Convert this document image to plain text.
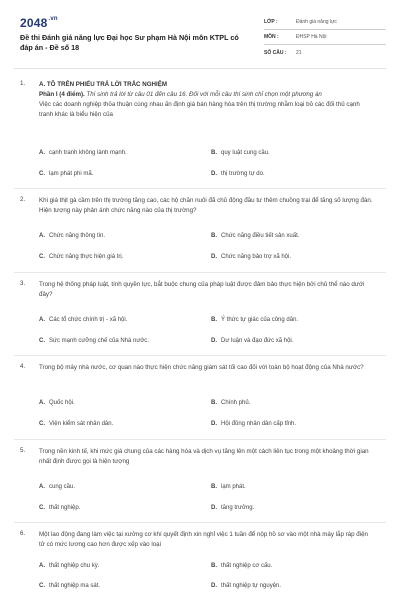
$2048^{.vn}$
Đề thi Đánh giá năng lực Đại học Sư phạm Hà Nội môn KTPL có đáp án - Đề số 18
LỚP :	Đánh giá năng lực
MÔN :	ĐHSP Hà Nội
SỐ CÂU :	21
1. A. TÔ TRÊN PHIẾU TRẢ LỜI TRẮC NGHIỆM
Phần I (4 điểm). Thí sinh trả lời từ câu 01 đến câu 16. Đối với mỗi câu thí sinh chỉ chọn một phương án
Việc các doanh nghiệp thỏa thuận cùng nhau ấn định giá bán hàng hóa trên thị trường nhằm loại bỏ các đối thủ cạnh tranh khác là biểu hiện của
A. cạnh tranh không lành mạnh.	B. quy luật cung cầu.
C. lạm phát phi mã.	D. thị trường tự do.
2. Khi giá thịt gà cầm trên thị trường tăng cao, các hộ chăn nuôi đã chủ động đầu tư thêm chuồng trại để tăng số lượng đàn. Hiện tượng này phản ánh chức năng nào của thị trường?
A. Chức năng thông tin.	B. Chức năng điều tiết sản xuất.
C. Chức năng thực hiện giá trị.	D. Chức năng bảo trợ xã hội.
3. Trong hệ thống pháp luật, tính quyền lực, bắt buộc chung của pháp luật được đảm bảo thực hiện bởi chủ thể nào dưới đây?
A. Các tổ chức chính trị - xã hội.	B. Ý thức tự giác của công dân.
C. Sức mạnh cưỡng chế của Nhà nước.	D. Dư luận và đạo đức xã hội.
4. Trong bộ máy nhà nước, cơ quan nào thực hiện chức năng giám sát tối cao đối với toàn bộ hoạt động của Nhà nước?
A. Quốc hội.	B. Chính phủ.
C. Viện kiểm sát nhân dân.	D. Hội đồng nhân dân cấp tỉnh.
5. Trong nền kinh tế, khi mức giá chung của các hàng hóa và dịch vụ tăng lên một cách liên tục trong một khoảng thời gian nhất định được gọi là hiện tượng
A. cung cầu.	B. lạm phát.
C. thất nghiệp.	D. tăng trưởng.
6. Một lao động đang làm việc tại xưởng cơ khí quyết định xin nghỉ việc 1 tuần để nộp hồ sơ vào một nhà máy lắp ráp điện tử có mức lương cao hơn được xếp vào loại
A. thất nghiệp chu kỳ.	B. thất nghiệp cơ cấu.
C. thất nghiệp ma sát.	D. thất nghiệp tự nguyện.
